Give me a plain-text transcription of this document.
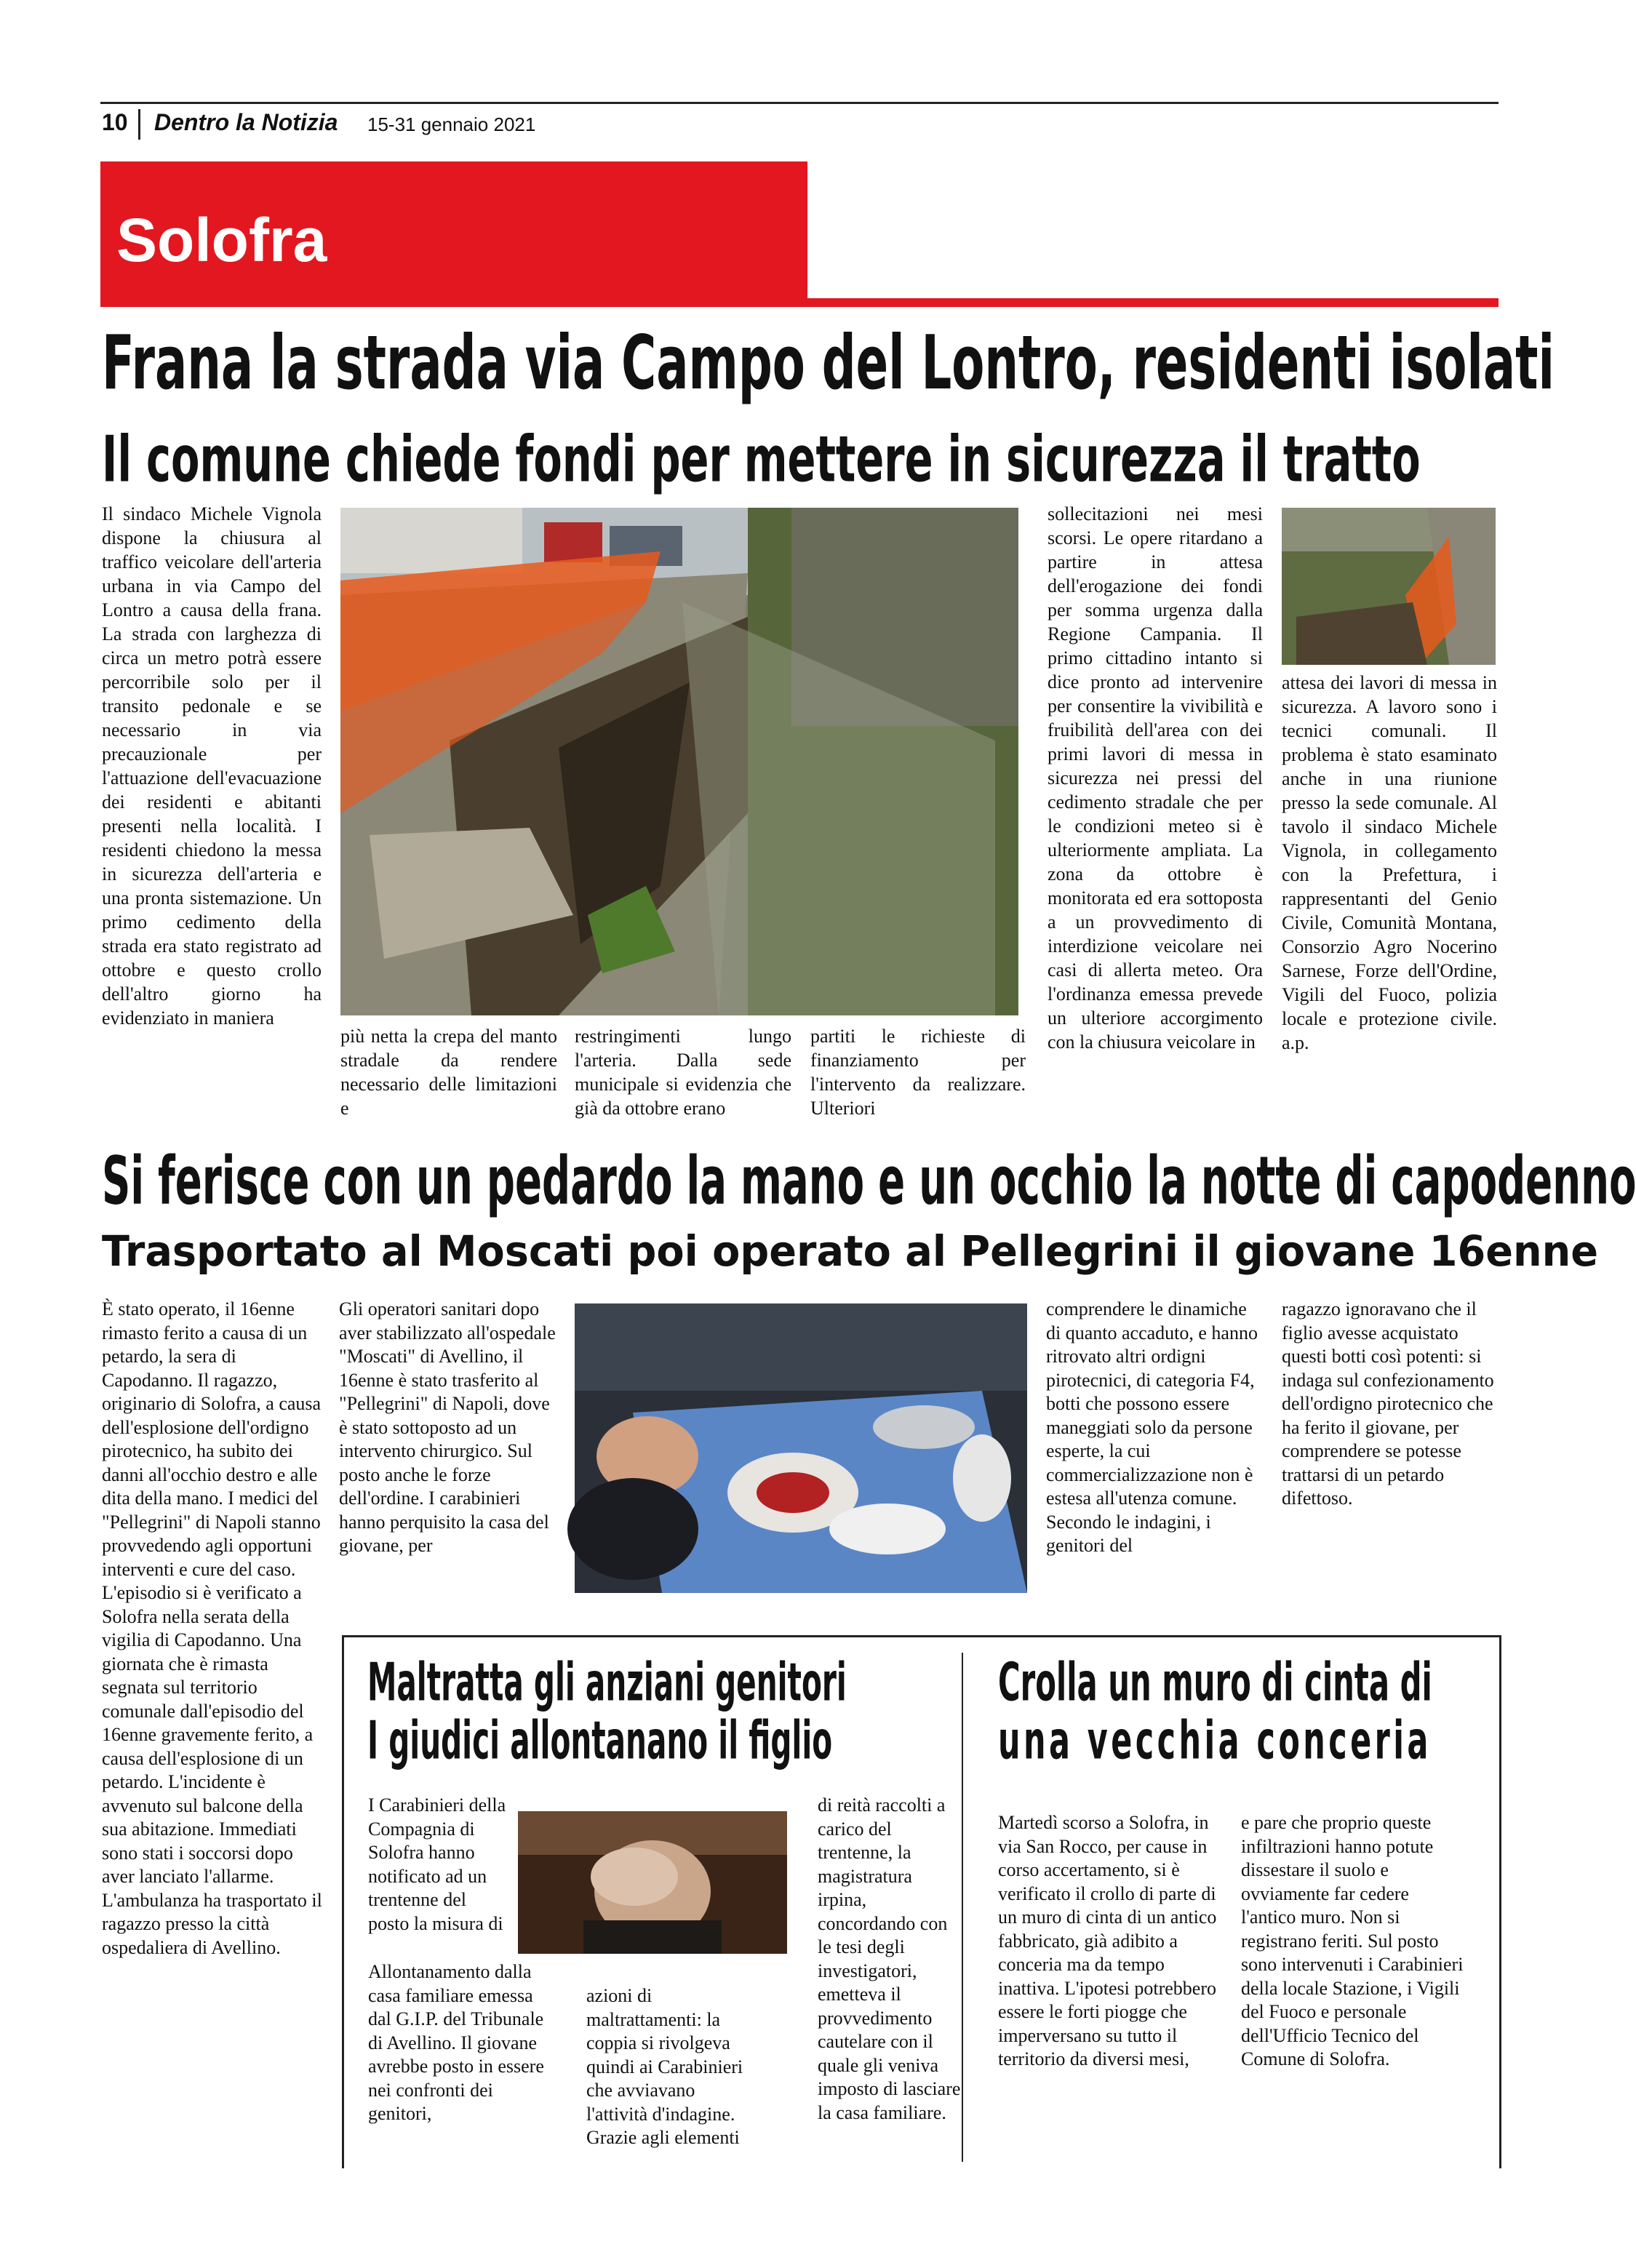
10 Dentro la Notizia 15-31 gennaio 2021
Solofra
Frana la strada via Campo del Lontro, residenti isolati
Il comune chiede fondi per mettere in sicurezza il tratto
Il sindaco Michele Vignola dispone la chiusura al traffico veicolare dell'arteria urbana in via Campo del Lontro a causa della frana. La strada con larghezza di circa un metro potrà essere percorribile solo per il transito pedonale e se necessario in via precauzionale per l'attuazione dell'evacuazione dei residenti e abitanti presenti nella località. I residenti chiedono la messa in sicurezza dell'arteria e una pronta sistemazione. Un primo cedimento della strada era stato registrato ad ottobre e questo crollo dell'altro giorno ha evidenziato in maniera
più netta la crepa del manto stradale da rendere necessario delle limitazioni e
restringimenti lungo l'arteria. Dalla sede municipale si evidenzia che già da ottobre erano
partiti le richieste di finanziamento per l'intervento da realizzare. Ulteriori
sollecitazioni nei mesi scorsi. Le opere ritardano a partire in attesa dell'erogazione dei fondi per somma urgenza dalla Regione Campania. Il primo cittadino intanto si dice pronto ad intervenire per consentire la vivibilità e fruibilità dell'area con dei primi lavori di messa in sicurezza nei pressi del cedimento stradale che per le condizioni meteo si è ulteriormente ampliata. La zona da ottobre è monitorata ed era sottoposta a un provvedimento di interdizione veicolare nei casi di allerta meteo. Ora l'ordinanza emessa prevede un ulteriore accorgimento con la chiusura veicolare in
attesa dei lavori di messa in sicurezza. A lavoro sono i tecnici comunali. Il problema è stato esaminato anche in una riunione presso la sede comunale. Al tavolo il sindaco Michele Vignola, in collegamento con la Prefettura, i rappresentanti del Genio Civile, Comunità Montana, Consorzio Agro Nocerino Sarnese, Forze dell'Ordine, Vigili del Fuoco, polizia locale e protezione civile. a.p.
Si ferisce con un pedardo la mano e un occhio la notte di capodenno
Trasportato al Moscati poi operato al Pellegrini il giovane 16enne
È stato operato, il 16enne rimasto ferito a causa di un petardo, la sera di Capodanno. Il ragazzo, originario di Solofra, a causa dell'esplosione dell'ordigno pirotecnico, ha subito dei danni all'occhio destro e alle dita della mano. I medici del "Pellegrini" di Napoli stanno provvedendo agli opportuni interventi e cure del caso. L'episodio si è verificato a Solofra nella serata della vigilia di Capodanno. Una giornata che è rimasta segnata sul territorio comunale dall'episodio del 16enne gravemente ferito, a causa dell'esplosione di un petardo. L'incidente è avvenuto sul balcone della sua abitazione. Immediati sono stati i soccorsi dopo aver lanciato l'allarme. L'ambulanza ha trasportato il ragazzo presso la città ospedaliera di Avellino.
Gli operatori sanitari dopo aver stabilizzato all'ospedale "Moscati" di Avellino, il 16enne è stato trasferito al "Pellegrini" di Napoli, dove è stato sottoposto ad un intervento chirurgico. Sul posto anche le forze dell'ordine. I carabinieri hanno perquisito la casa del giovane, per
comprendere le dinamiche di quanto accaduto, e hanno ritrovato altri ordigni pirotecnici, di categoria F4, botti che possono essere maneggiati solo da persone esperte, la cui commercializzazione non è estesa all'utenza comune. Secondo le indagini, i genitori del
ragazzo ignoravano che il figlio avesse acquistato questi botti così potenti: si indaga sul confezionamento dell'ordigno pirotecnico che ha ferito il giovane, per comprendere se potesse trattarsi di un petardo difettoso.
Maltratta gli anziani genitori
I giudici allontanano il figlio
I Carabinieri della Compagnia di Solofra hanno notificato ad un trentenne del posto la misura di
Allontanamento dalla casa familiare emessa dal G.I.P. del Tribunale di Avellino. Il giovane avrebbe posto in essere nei confronti dei genitori,
azioni di maltrattamenti: la coppia si rivolgeva quindi ai Carabinieri che avviavano l'attività d'indagine. Grazie agli elementi
di reità raccolti a carico del trentenne, la magistratura irpina, concordando con le tesi degli investigatori, emetteva il provvedimento cautelare con il quale gli veniva imposto di lasciare la casa familiare.
Crolla un muro di cinta di
una vecchia conceria
Martedì scorso a Solofra, in via San Rocco, per cause in corso accertamento, si è verificato il crollo di parte di un muro di cinta di un antico fabbricato, già adibito a conceria ma da tempo inattiva. L'ipotesi potrebbero essere le forti piogge che imperversano su tutto il territorio da diversi mesi,
e pare che proprio queste infiltrazioni hanno potute dissestare il suolo e ovviamente far cedere l'antico muro. Non si registrano feriti. Sul posto sono intervenuti i Carabinieri della locale Stazione, i Vigili del Fuoco e personale dell'Ufficio Tecnico del Comune di Solofra.
